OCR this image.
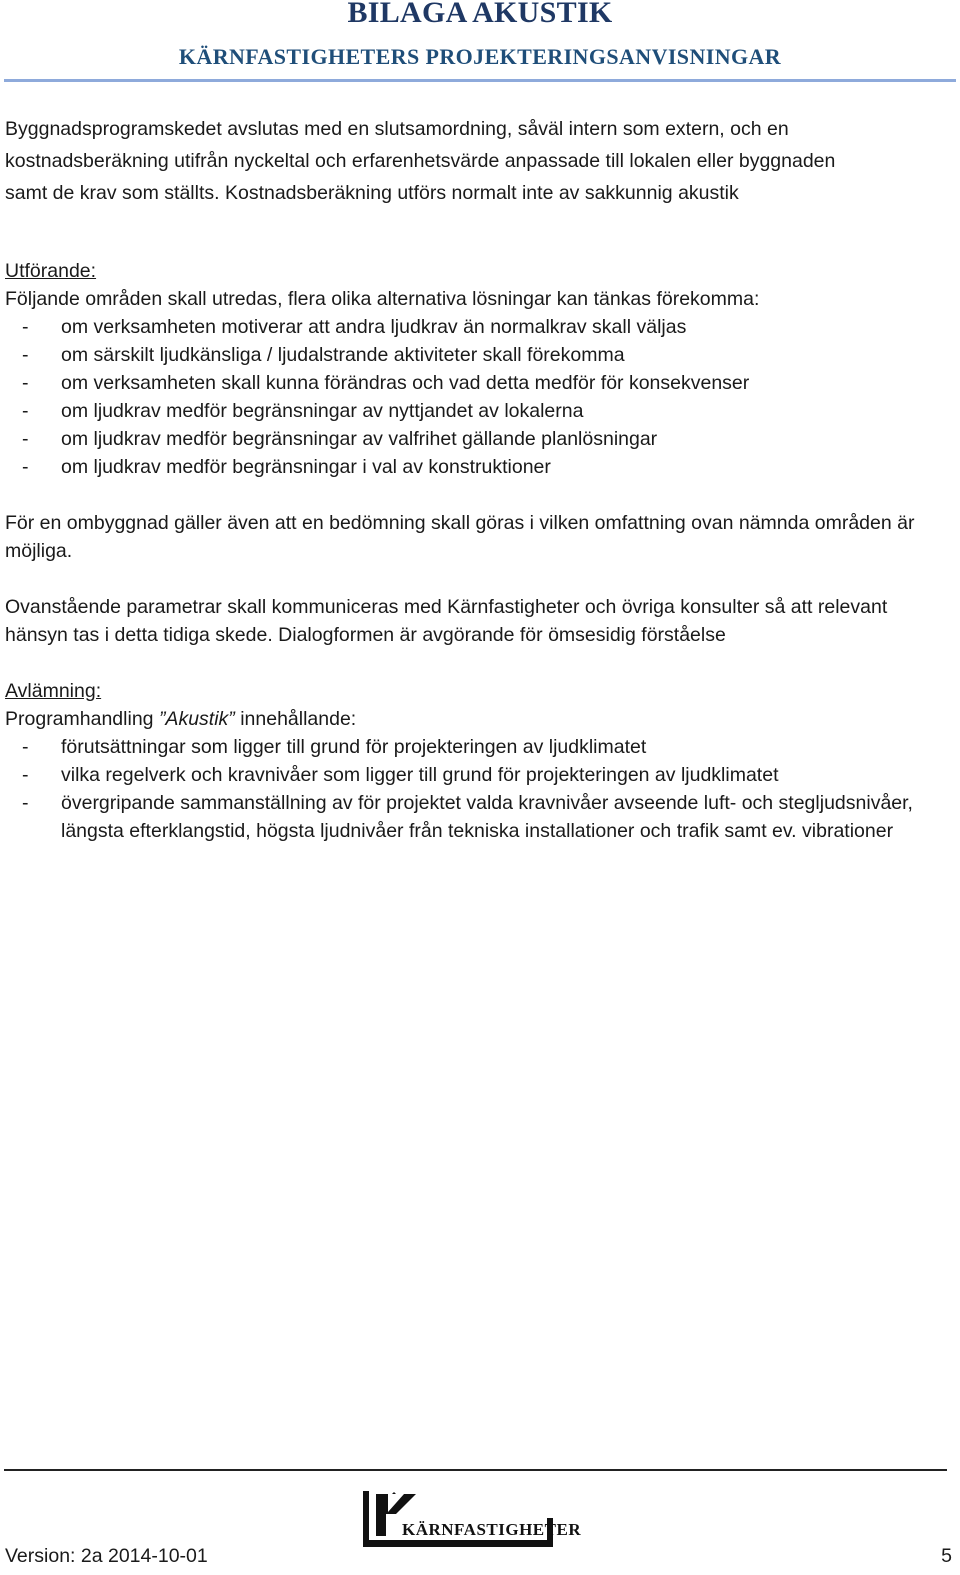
BILAGA AKUSTIK
KÄRNFASTIGHETERS PROJEKTERINGSANVISNINGAR

Byggnadsprogramskedet avslutas med en slutsamordning, såväl intern som extern, och en

kostnadsberäkning utifrån nyckeltal och erfarenhetsvärde anpassade till lokalen eller byggnaden

samt de krav som ställts. Kostnadsberäkning utförs normalt inte av sakkunnig akustik

Utförande:

Följande områden skall utredas, flera olika alternativa lösningar kan tänkas förekomma:

- om verksamheten motiverar att andra ljudkrav än normalkrav skall väljas
- om särskilt ljudkänsliga / ljudalstrande aktiviteter skall förekomma
- om verksamheten skall kunna förändras och vad detta medför för konsekvenser
- om ljudkrav medför begränsningar av nyttjandet av lokalerna
- om ljudkrav medför begränsningar av valfrihet gällande planlösningar
- om ljudkrav medför begränsningar i val av konstruktioner

För en ombyggnad gäller även att en bedömning skall göras i vilken omfattning ovan nämnda områden är möjliga.

Ovanstående parametrar skall kommuniceras med Kärnfastigheter och övriga konsulter så att relevant hänsyn tas i detta tidiga skede. Dialogformen är avgörande för ömsesidig förståelse

Avlämning:

Programhandling ”Akustik” innehållande:

- förutsättningar som ligger till grund för projekteringen av ljudklimatet
- vilka regelverk och kravnivåer som ligger till grund för projekteringen av ljudklimatet
- övergripande sammanställning av för projektet valda kravnivåer avseende luft- och stegljudsnivåer, längsta efterklangstid, högsta ljudnivåer från tekniska installationer och trafik samt ev. vibrationer
KÄRNFASTIGHETER
Version: 2a 2014-10-01	5
